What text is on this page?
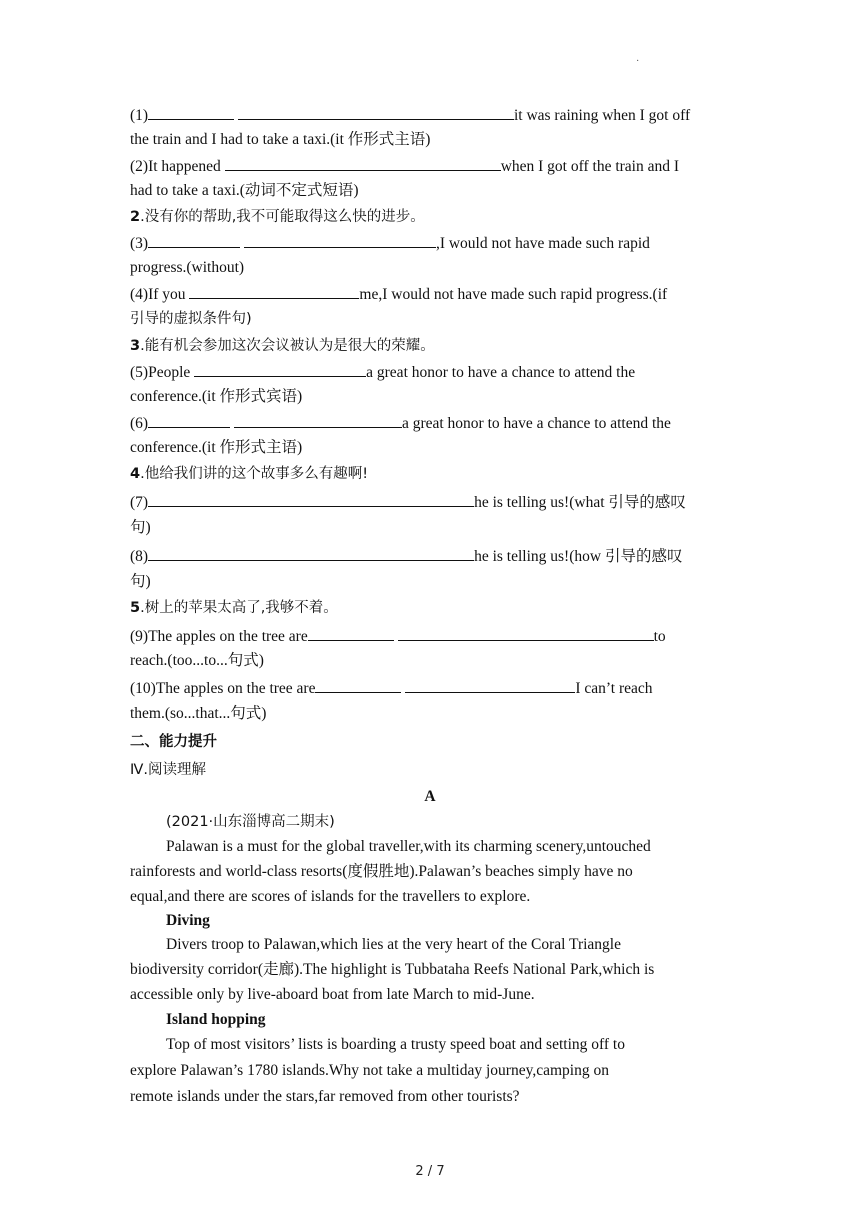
·
(1)	it was raining when I got off
the train and I had to take a taxi.(it 作形式主语)
(2)It happened	when I got off the train and I
had to take a taxi.(动词不定式短语)
2.没有你的帮助,我不可能取得这么快的进步。
(3)	,I would not have made such rapid
progress.(without)
(4)If you	me,I would not have made such rapid progress.(if
引导的虚拟条件句)
3.能有机会参加这次会议被认为是很大的荣耀。
(5)People	a great honor to have a chance to attend the
conference.(it 作形式宾语)
(6)	a great honor to have a chance to attend the
conference.(it 作形式主语)
4.他给我们讲的这个故事多么有趣啊!
(7)	he is telling us!(what 引导的感叹
句)
(8)	he is telling us!(how 引导的感叹
句)
5.树上的苹果太高了,我够不着。
(9)The apples on the tree are	to
reach.(too...to...句式)
(10)The apples on the tree are	I can’t reach
them.(so...that...句式)
二、能力提升
Ⅳ.阅读理解
A
(2021·山东淄博高二期末)
Palawan is a must for the global traveller,with its charming scenery,untouched
rainforests and world-class resorts(度假胜地).Palawan’s beaches simply have no
equal,and there are scores of islands for the travellers to explore.
Diving
Divers troop to Palawan,which lies at the very heart of the Coral Triangle
biodiversity corridor(走廊).The highlight is Tubbataha Reefs National Park,which is
accessible only by live-aboard boat from late March to mid-June.
Island hopping
Top of most visitors’ lists is boarding a trusty speed boat and setting off to
explore Palawan’s 1780 islands.Why not take a multiday journey,camping on
remote islands under the stars,far removed from other tourists?
2 / 7
